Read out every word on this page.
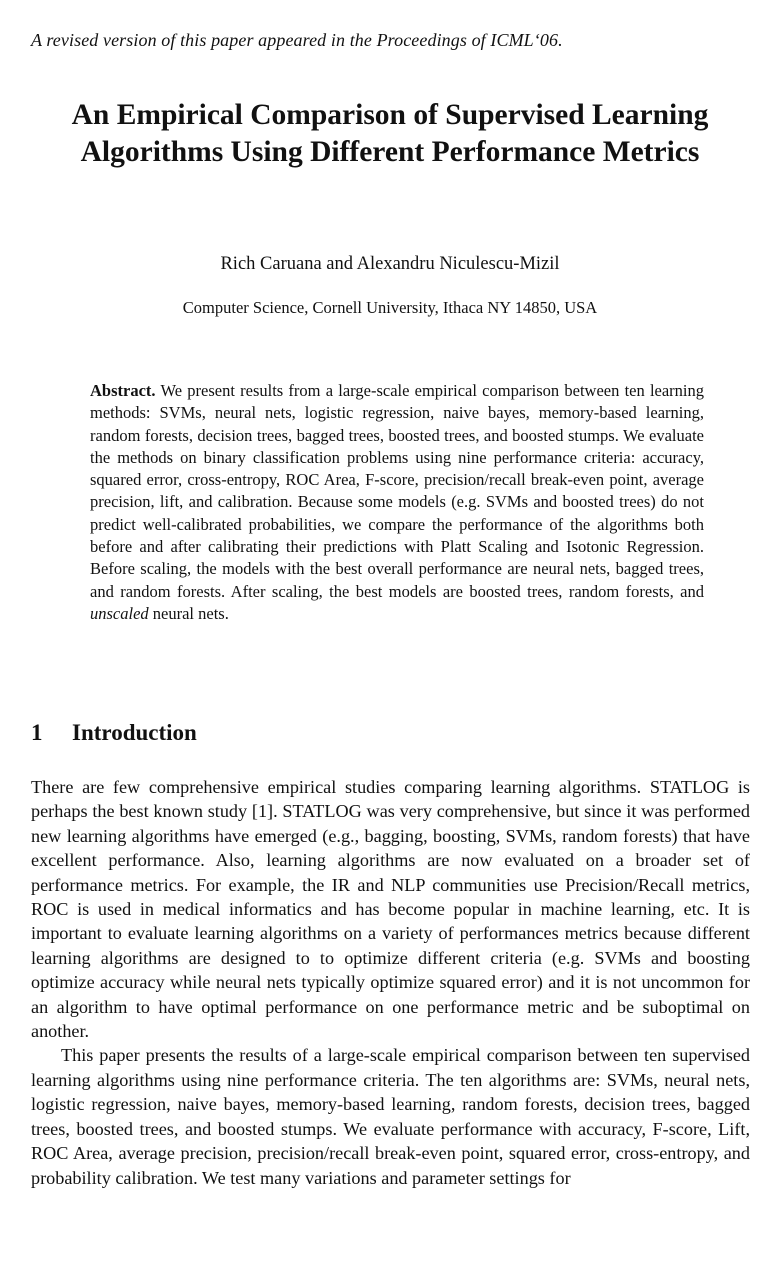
A revised version of this paper appeared in the Proceedings of ICML‘06.
An Empirical Comparison of Supervised Learning Algorithms Using Different Performance Metrics
Rich Caruana and Alexandru Niculescu-Mizil
Computer Science, Cornell University, Ithaca NY 14850, USA
Abstract. We present results from a large-scale empirical comparison between ten learning methods: SVMs, neural nets, logistic regression, naive bayes, memory-based learning, random forests, decision trees, bagged trees, boosted trees, and boosted stumps. We evaluate the methods on binary classification problems using nine performance criteria: accuracy, squared error, cross-entropy, ROC Area, F-score, precision/recall break-even point, average precision, lift, and calibration. Because some models (e.g. SVMs and boosted trees) do not predict well-calibrated probabilities, we compare the performance of the algorithms both before and after calibrating their predictions with Platt Scaling and Isotonic Regression. Before scaling, the models with the best overall performance are neural nets, bagged trees, and random forests. After scaling, the best models are boosted trees, random forests, and unscaled neural nets.
1 Introduction

There are few comprehensive empirical studies comparing learning algorithms. STATLOG is perhaps the best known study [1]. STATLOG was very comprehensive, but since it was performed new learning algorithms have emerged (e.g., bagging, boosting, SVMs, random forests) that have excellent performance. Also, learning algorithms are now evaluated on a broader set of performance metrics. For example, the IR and NLP communities use Precision/Recall metrics, ROC is used in medical informatics and has become popular in machine learning, etc. It is important to evaluate learning algorithms on a variety of performances metrics because different learning algorithms are designed to to optimize different criteria (e.g. SVMs and boosting optimize accuracy while neural nets typically optimize squared error) and it is not uncommon for an algorithm to have optimal performance on one performance metric and be suboptimal on another.

This paper presents the results of a large-scale empirical comparison between ten supervised learning algorithms using nine performance criteria. The ten algorithms are: SVMs, neural nets, logistic regression, naive bayes, memory-based learning, random forests, decision trees, bagged trees, boosted trees, and boosted stumps. We evaluate performance with accuracy, F-score, Lift, ROC Area, average precision, precision/recall break-even point, squared error, cross-entropy, and probability calibration. We test many variations and parameter settings for
